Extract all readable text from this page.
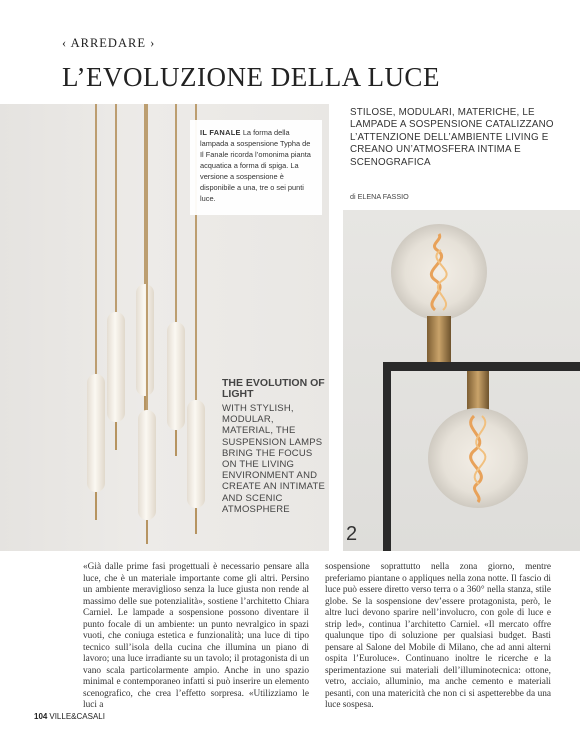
‹ ARREDARE ›
L’EVOLUZIONE DELLA LUCE
IL FANALE La forma della lampada a sospensione Typha de Il Fanale ricorda l’omonima pianta acquatica a forma di spiga. La versione a sospensione è disponibile a una, tre o sei punti luce.
THE EVOLUTION OF LIGHT
WITH STYLISH, MODULAR, MATERIAL, THE SUSPENSION LAMPS BRING THE FOCUS ON THE LIVING ENVIRONMENT AND CREATE AN INTIMATE AND SCENIC ATMOSPHERE
STILOSE, MODULARI, MATERICHE, LE LAMPADE A SOSPENSIONE CATALIZZANO L’ATTENZIONE DELL’AMBIENTE LIVING E CREANO UN’ATMOSFERA INTIMA E SCENOGRAFICA
di ELENA FASSIO
2
«Già dalle prime fasi progettuali è necessario pensare alla luce, che è un materiale importante come gli altri. Persino un ambiente meraviglioso senza la luce giusta non rende al massimo delle sue potenzialità», sostiene l’architetto Chiara Carniel. Le lampade a sospensione possono diventare il punto focale di un ambiente: un punto nevralgico in spazi vuoti, che coniuga estetica e funzionalità; una luce di tipo tecnico sull’isola della cucina che illumina un piano di lavoro; una luce irradiante su un tavolo; il protagonista di un vano scala particolarmente ampio. Anche in uno spazio minimal e contemporaneo infatti si può inserire un elemento scenografico, che crea l’effetto sorpresa. «Utilizziamo le luci a
sospensione soprattutto nella zona giorno, mentre preferiamo piantane o appliques nella zona notte. Il fascio di luce può essere diretto verso terra o a 360° nella stanza, stile globe. Se la sospensione dev’essere protagonista, però, le altre luci devono sparire nell’involucro, con gole di luce e strip led», continua l’architetto Carniel. «Il mercato offre qualunque tipo di soluzione per qualsiasi budget. Basti pensare al Salone del Mobile di Milano, che ad anni alterni ospita l’Euroluce». Continuano inoltre le ricerche e la sperimentazione sui materiali dell’illuminotecnica: ottone, vetro, acciaio, alluminio, ma anche cemento e materiali pesanti, con una matericità che non ci si aspetterebbe da una luce sospesa.
104 VILLE&CASALI
